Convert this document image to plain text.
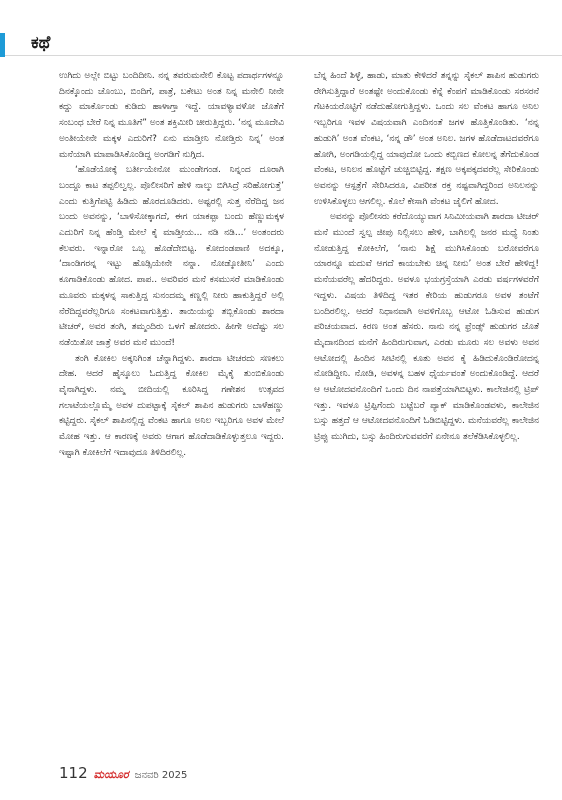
ಕಥೆ

ಉಗಿದು ಅಲ್ಲೇ ಬಿಟ್ಟು ಬಂದಿದೀನಿ. ನನ್ನ ತವರುಮನೇಲಿ ಕೊಟ್ಟ ಪದಾರ್ಥಗಳನ್ನೂ ದಿನಕ್ಕೊಂದು ಚೊಂಬು, ಬಿಂದಿಗೆ, ಪಾತ್ರೆ, ಬಕೇಟು ಅಂತ ನಿನ್ನ ಮನೇಲಿ ನೀನೇ ಕದ್ದು ಮಾರ್ಕೊಂಡು ಕುಡಿದು ಹಾಳಾಗ್ತಾ ಇದ್ದೆ. ಯಾವಳ್ಯಾವಳೋ ಜೊತೆಗೆ ಸಂಬಂಧ ಬೇರೆ ನಿನ್ನ ಮೂತಿಗೆ” ಅಂತ ಶಕ್ತಿಮೀರಿ ಚೀರುತ್ತಿದ್ದರು. ‘ನನ್ನ ಮೂದೇವಿ ಅಂತೀಯೇನೇ ಮಕ್ಕಳ ಎದುರಿಗೆ? ಏನು ಮಾಡ್ತೀನಿ ನೋಡ್ತಿರು ನಿನ್ನ’ ಅಂತ ಮನೆಯಾಗಿ ಮಾಪಾಡಿಸಿಕೊಂಡಿದ್ದ ಅಂಗಡಿಗೆ ನುಗ್ಗಿದ.

‘ಹೊಡೆಯೋಕ್ಕೆ ಬರ್ತೀಯೇನೋ ಮುಂಡೇಗಂಡ. ನಿನ್ನಂದ ದೂರಾಗಿ ಬಂದ್ದೂ ಕಾಟ ತಪ್ಪಲಿಲ್ವಲ್ಲ. ಪೊಲೀಸರಿಗೆ ಹೇಳಿ ನಾಲ್ಕು ಬಿಗಿಸಿದ್ರೆ ಸರಿಹೋಗುತ್ತೆ’ ಎಂದು ಕುತ್ತಿಗೆಪಟ್ಟಿ ಹಿಡಿದು ಹೊರದೂಡಿದರು. ಅಷ್ಟರಲ್ಲಿ ಸುತ್ತ ನೆರೆದಿದ್ದ ಜನ ಬಂದು ಅವನನ್ನು, ‘ಬಾಳಿಸೋಕ್ಕಾಗದೆ, ಈಗ ಯಾಕಪ್ಪಾ ಬಂದು ಹೆಣ್ಣುಮಕ್ಕಳ ಎದುರಿಗೆ ನಿನ್ನ ಹೆಂಡ್ತಿ ಮೇಲೆ ಕೈ ಮಾಡ್ತೀಯ... ನಡಿ ನಡಿ...’ ಅಂತಂದರು ಕೆಲವರು. ಇನ್ನಾರೋ ಒಬ್ಬ ಹೊಡೆದೇಬಿಟ್ಟ. ಕೋದಂಡಪಾಣಿ ಅದಕ್ಕೂ, ‘ದಾಂಡಿಗರನ್ನ ಇಟ್ಟು ಹೊಡ್ಸಿಯೇನೇ ನನ್ನಾ. ನೋಡ್ಕೋತೀನಿ’ ಎಂದು ಕೂಗಾಡಿಕೊಂಡು ಹೋದ. ಪಾಪ.. ಅವರಿವರ ಮನೆ ಕಸಮುಸರೆ ಮಾಡಿಕೊಂಡು ಮೂವರು ಮಕ್ಕಳನ್ನ ಸಾಕುತ್ತಿದ್ದ ಸುನಂದಮ್ಮ ಕಣ್ಣಲ್ಲಿ ನೀರು ಹಾಕುತ್ತಿದ್ದರೆ ಅಲ್ಲಿ ನೆರೆದಿದ್ದವರೆಲ್ಲರಿಗೂ ಸಂಕಟವಾಗುತ್ತಿತ್ತು. ತಾಯಿಯನ್ನು ತಬ್ಬಿಕೊಂಡು ಶಾರದಾ ಟೀಚರ್, ಅವರ ತಂಗಿ, ತಮ್ಮಂದಿರು ಒಳಗೆ ಹೋದರು. ಹೀಗೇ ಅದೆಷ್ಟು ಸಲ ನಡೆಯಿತೋ ಜಾತ್ರೆ ಅವರ ಮನೆ ಮುಂದೆ!

ತಂಗಿ ಕೋಕಿಲ ಅಕ್ಕನಿಗಿಂತ ಚೆನ್ನಾಗಿದ್ದಳು. ಶಾರದಾ ಟೀಚರದು ಸಣಕಲು ದೇಹ. ಆದರೆ ಹೈಸ್ಕೂಲು ಓದುತ್ತಿದ್ದ ಕೋಕಿಲ ಮೈಕೈ ತುಂಬಿಕೊಂಡು ವೈನಾಗಿದ್ದಳು. ನಮ್ಮ ಬೀದಿಯಲ್ಲಿ ಕೂರಿಸಿದ್ದ ಗಣೇಶನ ಉತ್ಸವದ ಗಲಾಟೆಯಲ್ಲೊಮ್ಮೆ ಅವಳ ದುಪಟ್ಟಾಕ್ಕೆ ಸೈಕಲ್ ಶಾಪಿನ ಹುಡುಗರು ಬಾಳೆಹಣ್ಣು ಕಟ್ಟಿದ್ದರು. ಸೈಕಲ್ ಶಾಪಿನಲ್ಲಿದ್ದ ವೆಂಕಟ ಹಾಗೂ ಅನಿಲ ಇಬ್ಬರಿಗೂ ಅವಳ ಮೇಲೆ ಮೋಹ ಇತ್ತು. ಆ ಕಾರಣಕ್ಕೆ ಅವರು ಆಗಾಗ ಹೊಡೆದಾಡಿಕೊಳ್ಳುತ್ತಲೂ ಇದ್ದರು. ಇಷ್ಟಾಗಿ ಕೋಕಿಲೆಗೆ ಇದಾವುದೂ ತಿಳಿದಿರಲಿಲ್ಲ.

ಬೆನ್ನ ಹಿಂದೆ ಶಿಳ್ಳೆ, ಹಾಡು, ಮಾತು ಕೇಳಿದರೆ ತನ್ನನ್ನು ಸೈಕಲ್ ಶಾಪಿನ ಹುಡುಗರು ರೇಗಿಸುತ್ತಿದ್ದಾರೆ ಅಂತಷ್ಟೇ ಅಂದುಕೊಂಡು ಕೆನ್ನೆ ಕೆಂಪಗೆ ಮಾಡಿಕೊಂಡು ಸರಸರನೆ ಗೆಟಕಿಯರೊಟ್ಟಿಗೆ ನಡೆದುಹೋಗುತ್ತಿದ್ದಳು. ಒಂದು ಸಲ ವೆಂಕಟ ಹಾಗೂ ಅನಿಲ ಇಬ್ಬರಿಗೂ ಇವಳ ವಿಷಯವಾಗಿ ಎಂದಿನಂತೆ ಜಗಳ ಹೊತ್ತಿಕೊಂಡಿತು. ‘ನನ್ನ ಹುಡುಗಿ’ ಅಂತ ವೆಂಕಟ, ‘ನನ್ನ ಡೌ’ ಅಂತ ಅನಿಲ. ಜಗಳ ಹೊಡೆದಾಟದವರೆಗೂ ಹೋಗಿ, ಅಂಗಡಿಯಲ್ಲಿದ್ದ ಯಾವುದೋ ಒಂದು ಕಬ್ಬಿಣದ ಕೋಲನ್ನ ತೆಗೆದುಕೊಂಡ ವೆಂಕಟ, ಅನಿಲನ ಹೊಟ್ಟೆಗೆ ಚುಚ್ಚಿಬಿಟ್ಟಿದ್ದ. ತಕ್ಷಣ ಅಕ್ಕಪಕ್ಕದವರೆಲ್ಲ ಸೇರಿಕೊಂಡು ಅವನನ್ನು ಆಸ್ಪತ್ರೆಗೆ ಸೇರಿಸಿದರೂ, ವಿಪರೀತ ರಕ್ತ ನಷ್ಟವಾಗಿದ್ದರಿಂದ ಅನಿಲನನ್ನು ಉಳಿಸಿಕೊಳ್ಳಲು ಆಗಲಿಲ್ಲ. ಕೊಲೆ ಕೇಸಾಗಿ ವೆಂಕಟ ಜೈಲಿಗೆ ಹೋದ.

ಅವನನ್ನು ಪೊಲೀಸರು ಕರೆದೊಯ್ಯುವಾಗ ಸಿನಿಮೀಯವಾಗಿ ಶಾರದಾ ಟೀಚರ್ ಮನೆ ಮುಂದೆ ಸ್ವಲ್ಪ ಜೀಪು ನಿಲ್ಲಿಸಲು ಹೇಳಿ, ಬಾಗಿಲಲ್ಲಿ ಜನರ ಮಧ್ಯೆ ನಿಂತು ನೋಡುತ್ತಿದ್ದ ಕೋಕಿಲೆಗೆ, ‘ನಾನು ಶಿಕ್ಷೆ ಮುಗಿಸಿಕೊಂಡು ಬರೋವರೆಗೂ ಯಾರನ್ನೂ ಮದುವೆ ಆಗದೆ ಕಾಯಬೇಕು ಚಿನ್ನ ನೀನು’ ಅಂತ ಬೇರೆ ಹೇಳಿದ್ದ! ಮನೆಯವರೆಲ್ಲ ಹೆದರಿದ್ದರು. ಅವಳೂ ಭಯಗ್ರಸ್ತೆಯಾಗಿ ಎರಡು ವರ್ಷಗಳವರೆಗೆ ಇದ್ದಳು. ವಿಷಯ ತಿಳಿದಿದ್ದ ಇತರ ಕೇರಿಯ ಹುಡುಗರೂ ಅವಳ ತಂಟೆಗೆ ಬಂದಿರಲಿಲ್ಲ. ಆದರೆ ನಿಧಾನವಾಗಿ ಅವಳಿಗೊಬ್ಬ ಆಟೋ ಓಡಿಸುವ ಹುಡುಗ ಪರಿಚಯವಾದ. ಕಿರಣ ಅಂತ ಹೆಸರು. ನಾನು ನನ್ನ ಫ್ರೆಂಡ್ಸ್ ಹುಡುಗರ ಜೊತೆ ಮೈದಾನದಿಂದ ಮನೆಗೆ ಹಿಂದಿರುಗುವಾಗ, ಎರಡು ಮೂರು ಸಲ ಅವಳು ಅವನ ಆಟೋದಲ್ಲಿ ಹಿಂದಿನ ಸೀಟಿನಲ್ಲಿ ಕೂತು ಅವನ ಕೈ ಹಿಡಿದುಕೊಂಡಿರೋದನ್ನ ನೋಡಿದ್ದೀನಿ. ನೋಡಿ, ಅವಳನ್ನ ಬಹಳ ಧೈರ್ಯವಂತೆ ಅಂದುಕೊಂಡಿದ್ದೆ. ಆದರೆ ಆ ಆಟೋದವನೊಂದಿಗೆ ಒಂದು ದಿನ ನಾಪತ್ತೆಯಾಗಿಬಿಟ್ಟಳು. ಕಾಲೇಜಿನಲ್ಲಿ ಟ್ರಿಪ್ ಇತ್ತು. ಇವಳೂ ಟ್ರಿಪ್ಪಿಗೆಂದು ಬಟ್ಟೆಬರೆ ಪ್ಯಾಕ್ ಮಾಡಿಕೊಂಡವಳು, ಕಾಲೇಜಿನ ಬಸ್ಸು ಹತ್ತದೆ ಆ ಆಟೋದವನೊಂದಿಗೆ ಓಡಿಬಿಟ್ಟಿದ್ದಳು. ಮನೆಯವರೆಲ್ಲ ಕಾಲೇಜಿನ ಟ್ರಿಪ್ಪು ಮುಗಿದು, ಬಸ್ಸು ಹಿಂದಿರುಗುವವರೆಗೆ ಏನೇನೂ ತಲೆಕೆಡಿಸಿಕೊಳ್ಳಲಿಲ್ಲ.

112 ಮಯೂರ ಜನವರಿ 2025
